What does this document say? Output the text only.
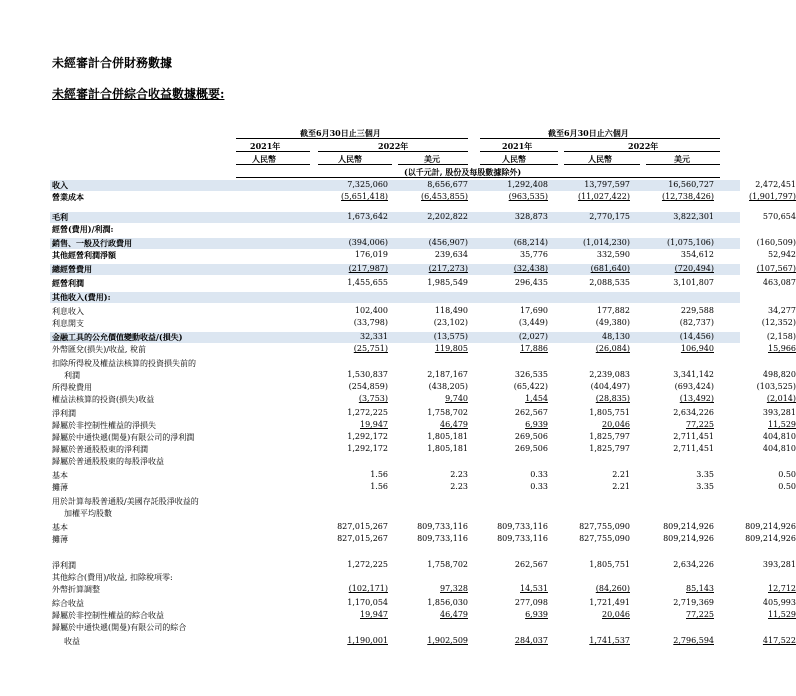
未經審計合併財務數據
未經審計合併綜合收益數據概要:
截至6月30日止三個月	截至6月30日止六個月
2021年	2022年	2021年	2022年
人民幣	人民幣	美元	人民幣	人民幣	美元
(以千元計, 股份及每股數據除外)
收入	7,325,060	8,656,677	1,292,408	13,797,597	16,560,727	2,472,451
營業成本	(5,651,418)	(6,453,855)	(963,535)	(11,027,422)	(12,738,426)	(1,901,797)
毛利	1,673,642	2,202,822	328,873	2,770,175	3,822,301	570,654
經營(費用)/利潤:
銷售、一般及行政費用	(394,006)	(456,907)	(68,214)	(1,014,230)	(1,075,106)	(160,509)
其他經營利潤淨額	176,019	239,634	35,776	332,590	354,612	52,942
總經營費用	(217,987)	(217,273)	(32,438)	(681,640)	(720,494)	(107,567)
經營利潤	1,455,655	1,985,549	296,435	2,088,535	3,101,807	463,087
其他收入(費用):
利息收入	102,400	118,490	17,690	177,882	229,588	34,277
利息開支	(33,798)	(23,102)	(3,449)	(49,380)	(82,737)	(12,352)
金融工具的公允價值變動收益/(損失)	32,331	(13,575)	(2,027)	48,130	(14,456)	(2,158)
外幣匯兌(損失)/收益, 稅前	(25,751)	119,805	17,886	(26,084)	106,940	15,966
扣除所得稅及權益法核算的投資損失前的
利潤	1,530,837	2,187,167	326,535	2,239,083	3,341,142	498,820
所得稅費用	(254,859)	(438,205)	(65,422)	(404,497)	(693,424)	(103,525)
權益法核算的投資(損失)收益	(3,753)	9,740	1,454	(28,835)	(13,492)	(2,014)
淨利潤	1,272,225	1,758,702	262,567	1,805,751	2,634,226	393,281
歸屬於非控制性權益的淨損失	19,947	46,479	6,939	20,046	77,225	11,529
歸屬於中通快遞(開曼)有限公司的淨利潤	1,292,172	1,805,181	269,506	1,825,797	2,711,451	404,810
歸屬於普通股股東的淨利潤	1,292,172	1,805,181	269,506	1,825,797	2,711,451	404,810
歸屬於普通股股東的每股淨收益
基本	1.56	2.23	0.33	2.21	3.35	0.50
攤薄	1.56	2.23	0.33	2.21	3.35	0.50
用於計算每股普通股/美國存託股淨收益的
加權平均股數
基本	827,015,267	809,733,116	809,733,116	827,755,090	809,214,926	809,214,926
攤薄	827,015,267	809,733,116	809,733,116	827,755,090	809,214,926	809,214,926
淨利潤	1,272,225	1,758,702	262,567	1,805,751	2,634,226	393,281
其他綜合(費用)/收益, 扣除稅項零:
外幣折算調整	(102,171)	97,328	14,531	(84,260)	85,143	12,712
綜合收益	1,170,054	1,856,030	277,098	1,721,491	2,719,369	405,993
歸屬於非控制性權益的綜合收益	19,947	46,479	6,939	20,046	77,225	11,529
歸屬於中通快遞(開曼)有限公司的綜合
收益	1,190,001	1,902,509	284,037	1,741,537	2,796,594	417,522
